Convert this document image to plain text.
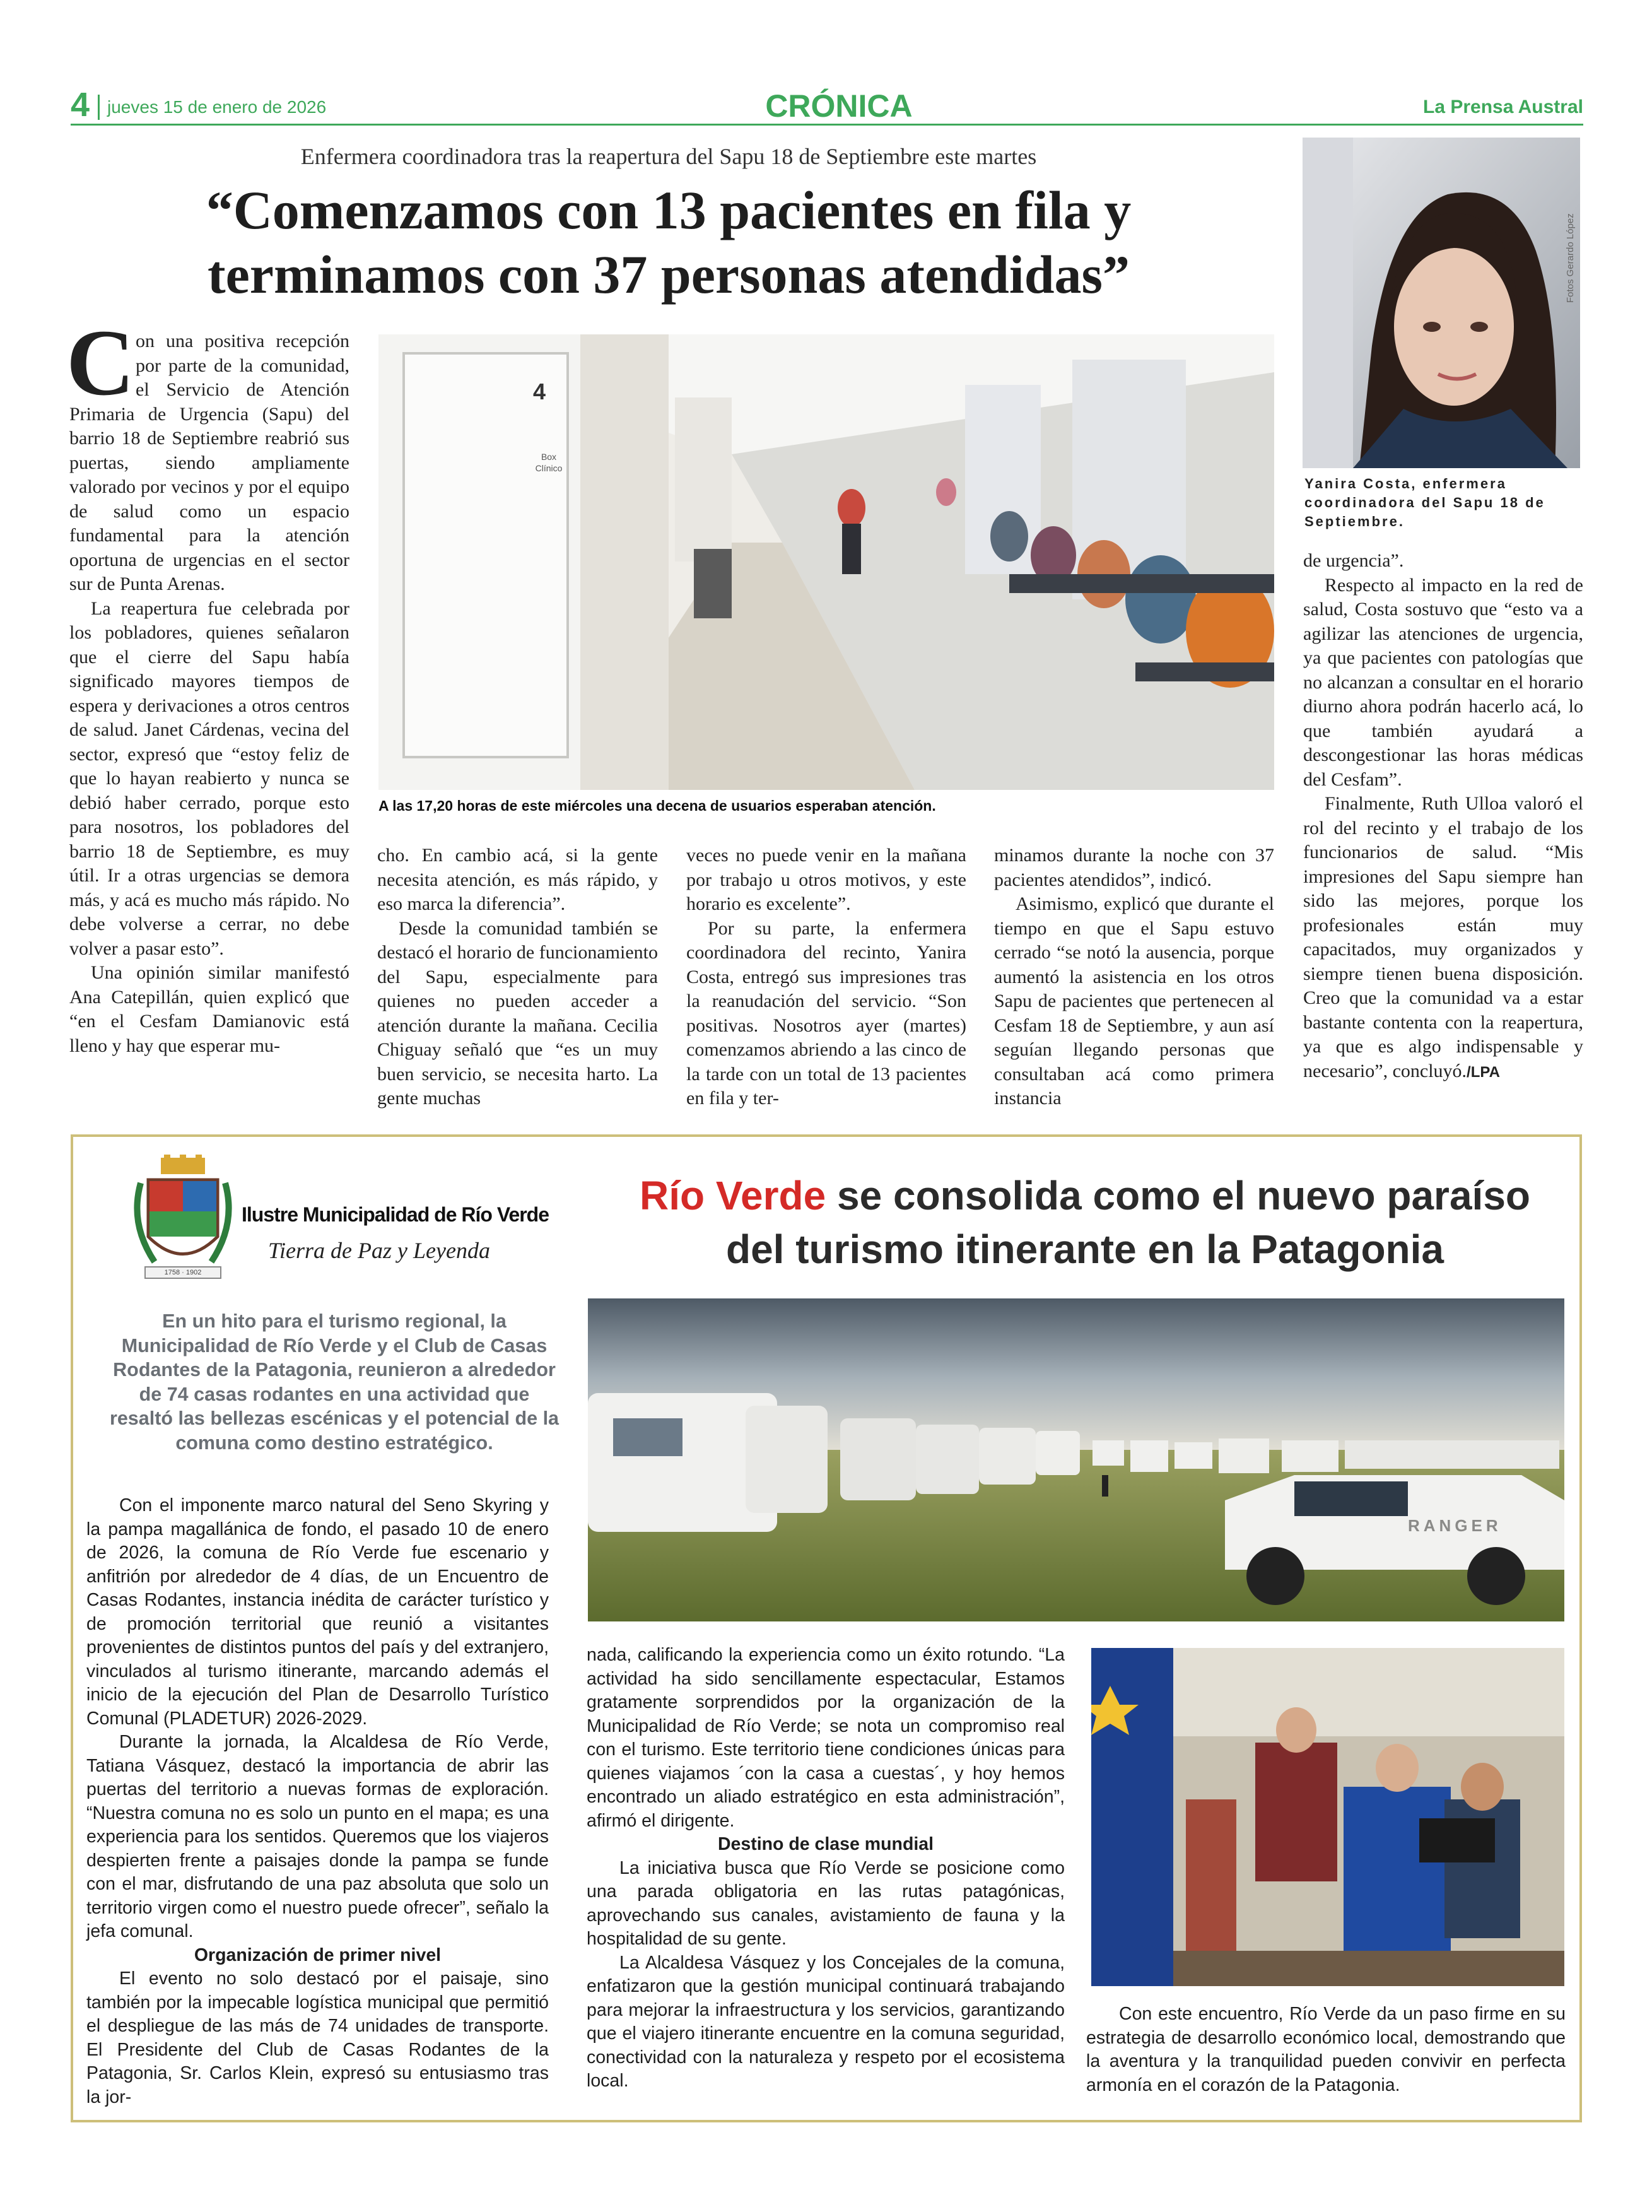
4 jueves 15 de enero de 2026	CRÓNICA	La Prensa Austral
Enfermera coordinadora tras la reapertura del Sapu 18 de Septiembre este martes
“Comenzamos con 13 pacientes en fila y
terminamos con 37 personas atendidas”	Fotos Gerardo López
Yanira Costa, enfermera coordinadora del Sapu 18 de Septiembre.
4
Box Clínico
A las 17,20 horas de este miércoles una decena de usuarios esperaban atención.
C on una positiva recepción por parte de la comunidad, el Servicio de Atención Primaria de Urgencia (Sapu) del barrio 18 de Septiembre reabrió sus puertas, siendo ampliamente valorado por vecinos y por el equipo de salud como un espacio fundamental para la atención oportuna de urgencias en el sector sur de Punta Arenas.

La reapertura fue celebrada por los pobladores, quienes señalaron que el cierre del Sapu había significado mayores tiempos de espera y derivaciones a otros centros de salud. Janet Cárdenas, vecina del sector, expresó que “estoy feliz de que lo hayan reabierto y nunca se debió haber cerrado, porque esto para nosotros, los pobladores del barrio 18 de Septiembre, es muy útil. Ir a otras urgencias se demora más, y acá es mucho más rápido. No debe volverse a cerrar, no debe volver a pasar esto”.

Una opinión similar manifestó Ana Catepillán, quien explicó que “en el Cesfam Damianovic está lleno y hay que esperar mu-

cho. En cambio acá, si la gente necesita atención, es más rápido, y eso marca la diferencia”.

Desde la comunidad también se destacó el horario de funcionamiento del Sapu, especialmente para quienes no pueden acceder a atención durante la mañana. Cecilia Chiguay señaló que “es un muy buen servicio, se necesita harto. La gente muchas

veces no puede venir en la mañana por trabajo u otros motivos, y este horario es excelente”.

Por su parte, la enfermera coordinadora del recinto, Yanira Costa, entregó sus impresiones tras la reanudación del servicio. “Son positivas. Nosotros ayer (martes) comenzamos abriendo a las cinco de la tarde con un total de 13 pacientes en fila y ter-

minamos durante la noche con 37 pacientes atendidos”, indicó.

Asimismo, explicó que durante el tiempo en que el Sapu estuvo cerrado “se notó la ausencia, porque aumentó la asistencia en los otros Sapu de pacientes que pertenecen al Cesfam 18 de Septiembre, y aun así seguían llegando personas que consultaban acá como primera instancia

de urgencia”.

Respecto al impacto en la red de salud, Costa sostuvo que “esto va a agilizar las atenciones de urgencia, ya que pacientes con patologías que no alcanzan a consultar en el horario diurno ahora podrán hacerlo acá, lo que también ayudará a descongestionar las horas médicas del Cesfam”.

Finalmente, Ruth Ulloa valoró el rol del recinto y el trabajo de los funcionarios de salud. “Mis impresiones del Sapu siempre han sido las mejores, porque los profesionales están muy capacitados, muy organizados y siempre tienen buena disposición. Creo que la comunidad va a estar bastante contenta con la reapertura, ya que es algo indispensable y necesario”, concluyó./LPA

1758 · 1902
Ilustre Municipalidad de Río Verde
Tierra de Paz y Leyenda
Río Verde se consolida como el nuevo paraíso
del turismo itinerante en la Patagonia
En un hito para el turismo regional, la Municipalidad de Río Verde y el Club de Casas Rodantes de la Patagonia, reunieron a alrededor de 74 casas rodantes en una actividad que resaltó las bellezas escénicas y el potencial de la comuna como destino estratégico.
RANGER

Con el imponente marco natural del Seno Skyring y la pampa magallánica de fondo, el pasado 10 de enero de 2026, la comuna de Río Verde fue escenario y anfitrión por alrededor de 4 días, de un Encuentro de Casas Rodantes, instancia inédita de carácter turístico y de promoción territorial que reunió a visitantes provenientes de distintos puntos del país y del extranjero, vinculados al turismo itinerante, marcando además el inicio de la ejecución del Plan de Desarrollo Turístico Comunal (PLADETUR) 2026-2029.

Durante la jornada, la Alcaldesa de Río Verde, Tatiana Vásquez, destacó la importancia de abrir las puertas del territorio a nuevas formas de exploración. “Nuestra comuna no es solo un punto en el mapa; es una experiencia para los sentidos. Queremos que los viajeros despierten frente a paisajes donde la pampa se funde con el mar, disfrutando de una paz absoluta que solo un territorio virgen como el nuestro puede ofrecer”, señalo la jefa comunal.

Organización de primer nivel

El evento no solo destacó por el paisaje, sino también por la impecable logística municipal que permitió el despliegue de las más de 74 unidades de transporte. El Presidente del Club de Casas Rodantes de la Patagonia, Sr. Carlos Klein, expresó su entusiasmo tras la jor-

nada, calificando la experiencia como un éxito rotundo. “La actividad ha sido sencillamente espectacular, Estamos gratamente sorprendidos por la organización de la Municipalidad de Río Verde; se nota un compromiso real con el turismo. Este territorio tiene condiciones únicas para quienes viajamos ´con la casa a cuestas´, y hoy hemos encontrado un aliado estratégico en esta administración”, afirmó el dirigente.

Destino de clase mundial

La iniciativa busca que Río Verde se posicione como una parada obligatoria en las rutas patagónicas, aprovechando sus canales, avistamiento de fauna y la hospitalidad de su gente.

La Alcaldesa Vásquez y los Concejales de la comuna, enfatizaron que la gestión municipal continuará trabajando para mejorar la infraestructura y los servicios, garantizando que el viajero itinerante encuentre en la comuna seguridad, conectividad con la naturaleza y respeto por el ecosistema local.

Con este encuentro, Río Verde da un paso firme en su estrategia de desarrollo económico local, demostrando que la aventura y la tranquilidad pueden convivir en perfecta armonía en el corazón de la Patagonia.
